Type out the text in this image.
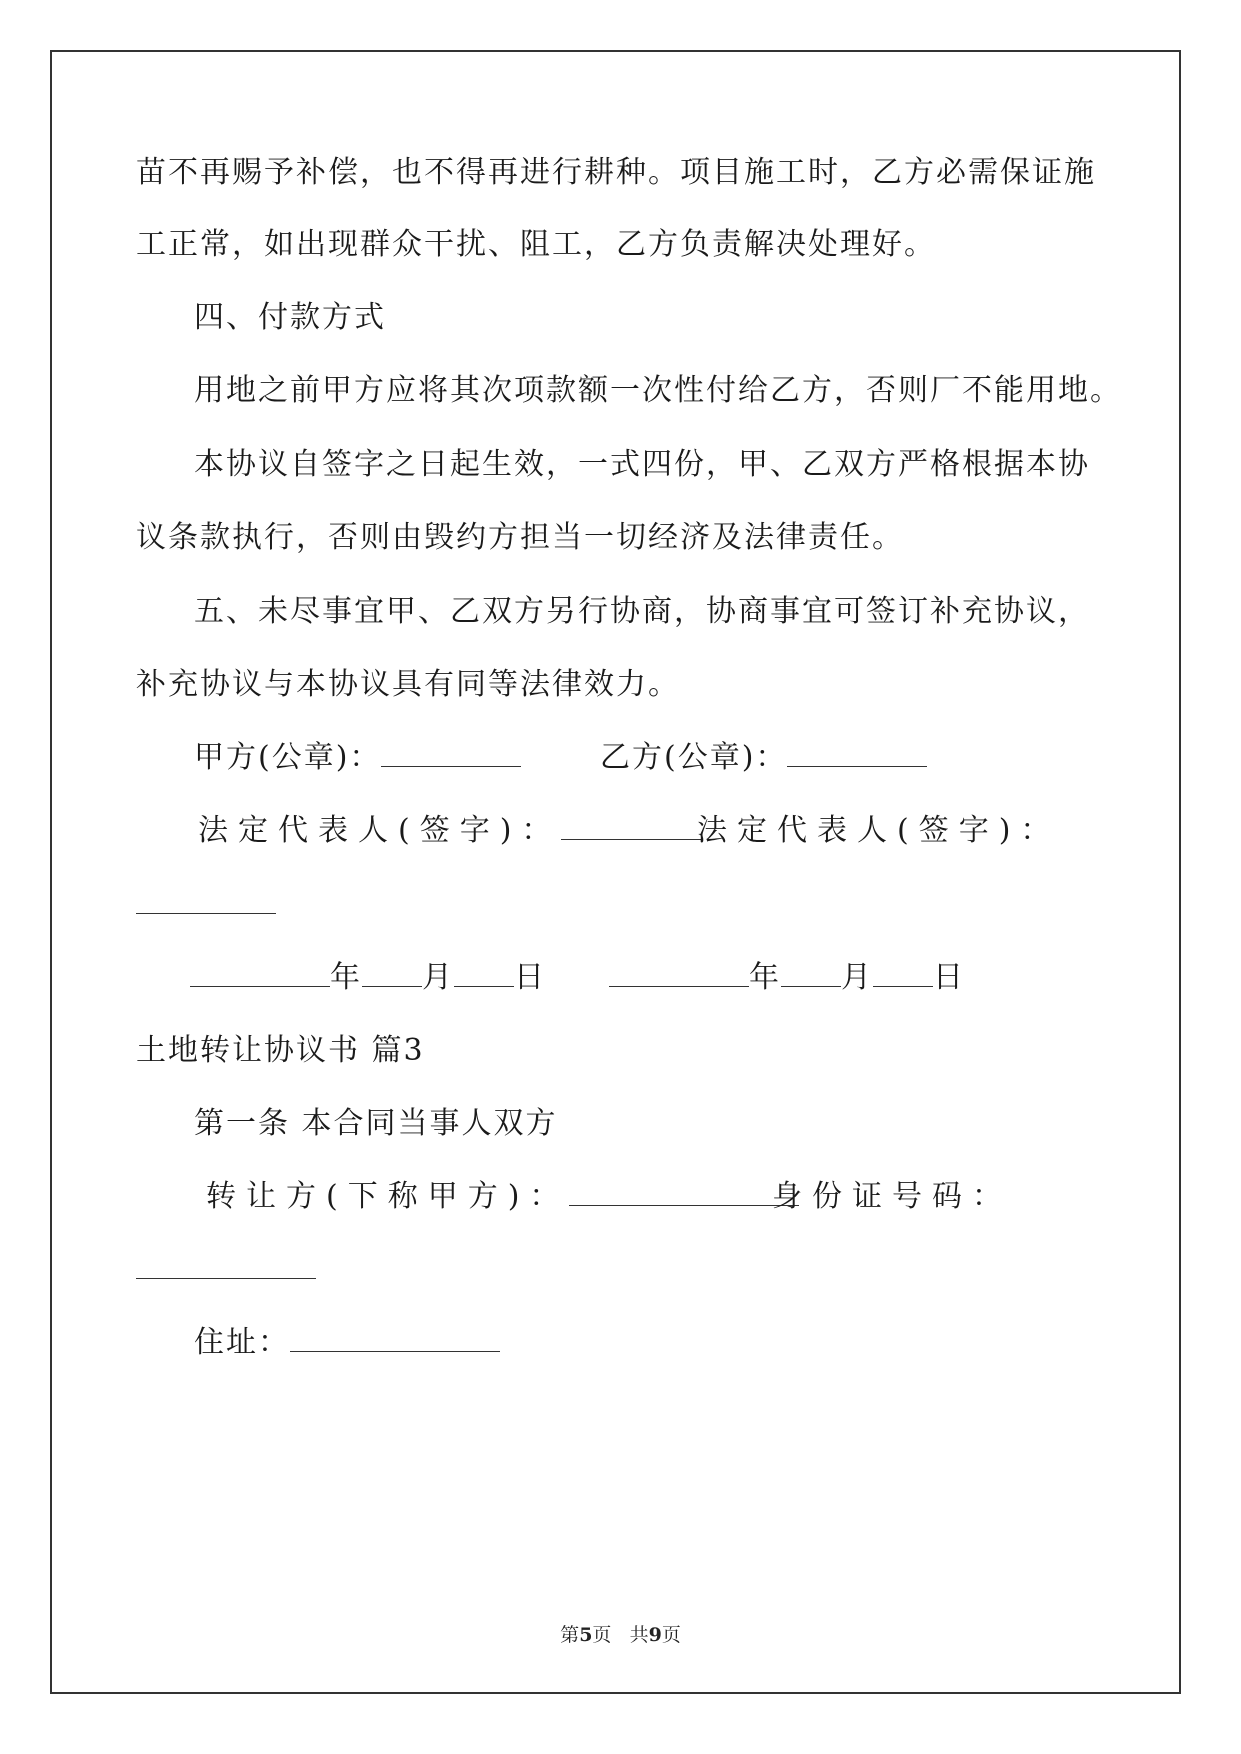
苗不再赐予补偿，也不得再进行耕种。项目施工时，乙方必需保证施
工正常，如出现群众干扰、阻工，乙方负责解决处理好。
四、付款方式
用地之前甲方应将其次项款额一次性付给乙方，否则厂不能用地。
本协议自签字之日起生效，一式四份，甲、乙双方严格根据本协
议条款执行，否则由毁约方担当一切经济及法律责任。
五、未尽事宜甲、乙双方另行协商，协商事宜可签订补充协议，
补充协议与本协议具有同等法律效力。
甲方(公章)：	乙方(公章)：
法定代表人(签字)：	法定代表人(签字)：
年 月 日	年 月 日
土地转让协议书 篇3
第一条 本合同当事人双方
转让方(下称甲方)：	身份证号码：
住址：
第5页 共9页
